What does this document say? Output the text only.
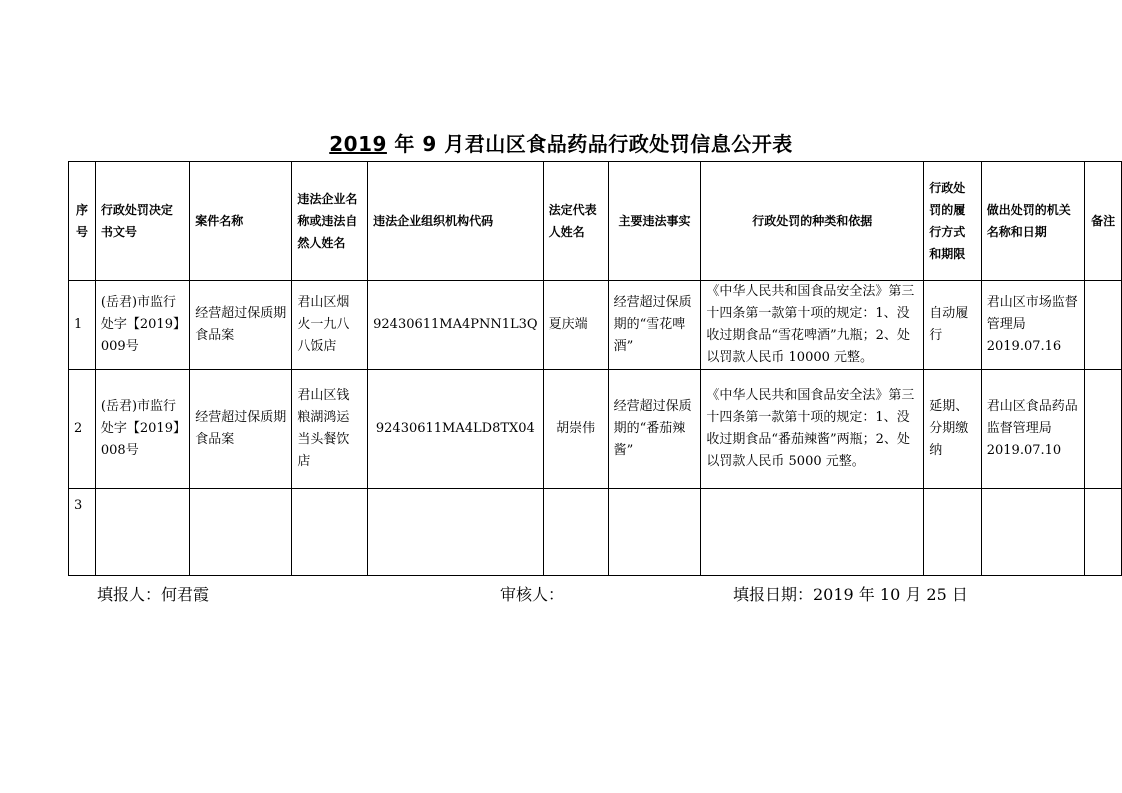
2019 年 9 月君山区食品药品行政处罚信息公开表
序号	行政处罚决定书文号	案件名称	违法企业名称或违法自然人姓名	违法企业组织机构代码	法定代表人姓名	主要违法事实	行政处罚的种类和依据	行政处罚的履行方式和期限	做出处罚的机关名称和日期	备注
1	(岳君)市监行处字【2019】009号	经营超过保质期食品案	君山区烟火一九八八饭店	92430611MA4PNN1L3Q	夏庆端	经营超过保质期的“雪花啤酒”	《中华人民共和国食品安全法》第三十四条第一款第十项的规定：1、没收过期食品“雪花啤酒”九瓶；2、处以罚款人民币 10000 元整。	自动履行	君山区市场监督管理局 2019.07.16	
2	(岳君)市监行处字【2019】008号	经营超过保质期食品案	君山区钱粮湖鸿运当头餐饮店	92430611MA4LD8TX04	胡崇伟	经营超过保质期的“番茄辣酱”	《中华人民共和国食品安全法》第三十四条第一款第十项的规定：1、没收过期食品“番茄辣酱”两瓶；2、处以罚款人民币 5000 元整。	延期、分期缴纳	君山区食品药品监督管理局 2019.07.10	
3										
填报人：何君霞	审核人：	填报日期：2019 年 10 月 25 日
